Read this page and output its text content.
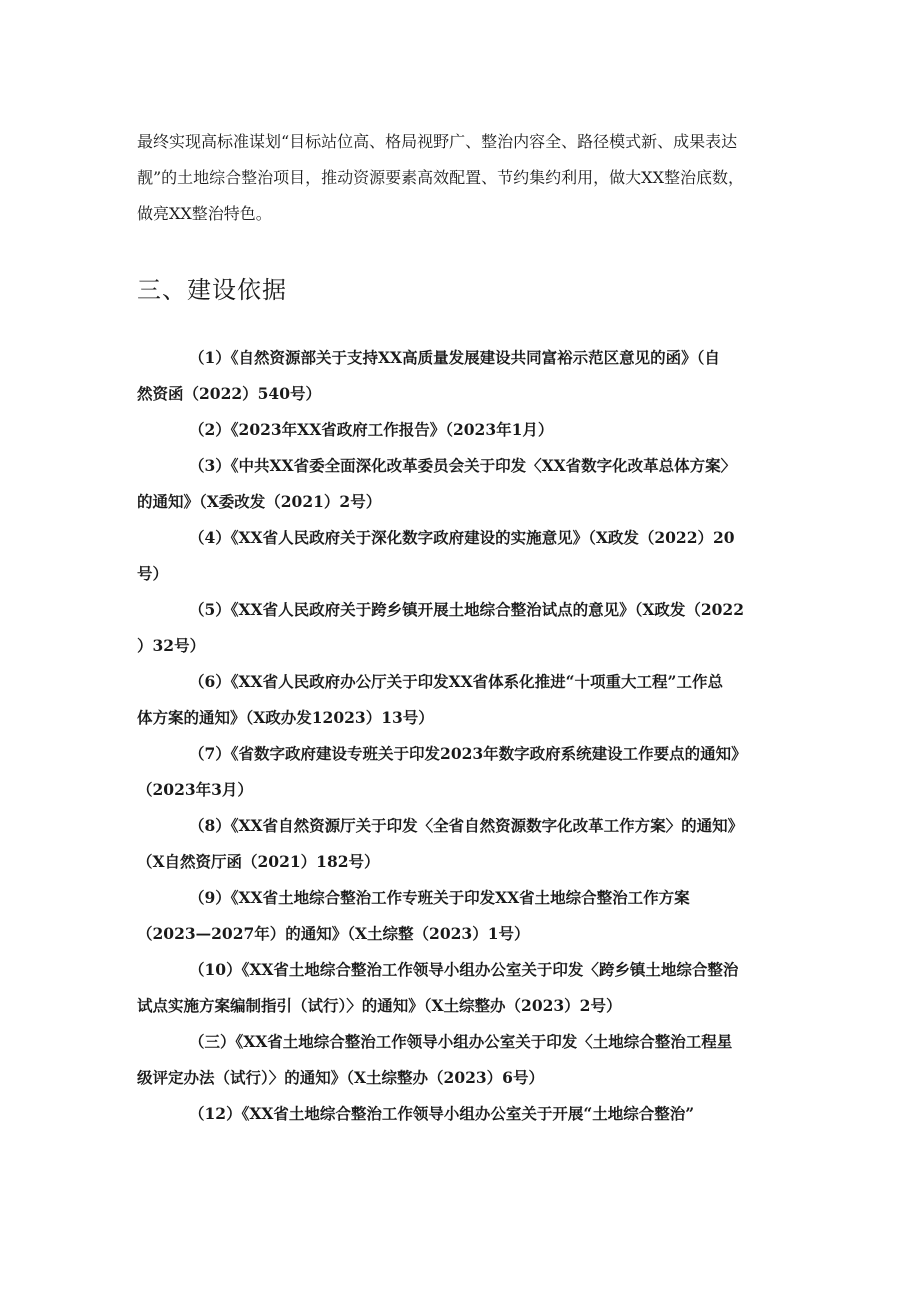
最终实现高标准谋划“目标站位高、格局视野广、整治内容全、路径模式新、成果表达
靓”的土地综合整治项目，推动资源要素高效配置、节约集约利用，做大XX整治底数，
做亮XX整治特色。

三、建设依据
（1）《自然资源部关于支持XX高质量发展建设共同富裕示范区意见的函》（自
然资函（2022）540号）
（2）《2023年XX省政府工作报告》（2023年1月）
（3）《中共XX省委全面深化改革委员会关于印发〈XX省数字化改革总体方案〉
的通知》（X委改发（2021）2号）
（4）《XX省人民政府关于深化数字政府建设的实施意见》（X政发（2022）20
号）
（5）《XX省人民政府关于跨乡镇开展土地综合整治试点的意见》（X政发（2022
）32号）
（6）《XX省人民政府办公厅关于印发XX省体系化推进“十项重大工程”工作总
体方案的通知》（X政办发12023）13号）
（7）《省数字政府建设专班关于印发2023年数字政府系统建设工作要点的通知》
（2023年3月）
（8）《XX省自然资源厅关于印发〈全省自然资源数字化改革工作方案〉的通知》
（X自然资厅函（2021）182号）
（9）《XX省土地综合整治工作专班关于印发XX省土地综合整治工作方案
（2023—2027年）的通知》（X土综整（2023）1号）
（10）《XX省土地综合整治工作领导小组办公室关于印发〈跨乡镇土地综合整治
试点实施方案编制指引（试行）〉的通知》（X土综整办（2023）2号）
（三）《XX省土地综合整治工作领导小组办公室关于印发〈土地综合整治工程星
级评定办法（试行）〉的通知》（X土综整办（2023）6号）
（12）《XX省土地综合整治工作领导小组办公室关于开展“土地综合整治”
